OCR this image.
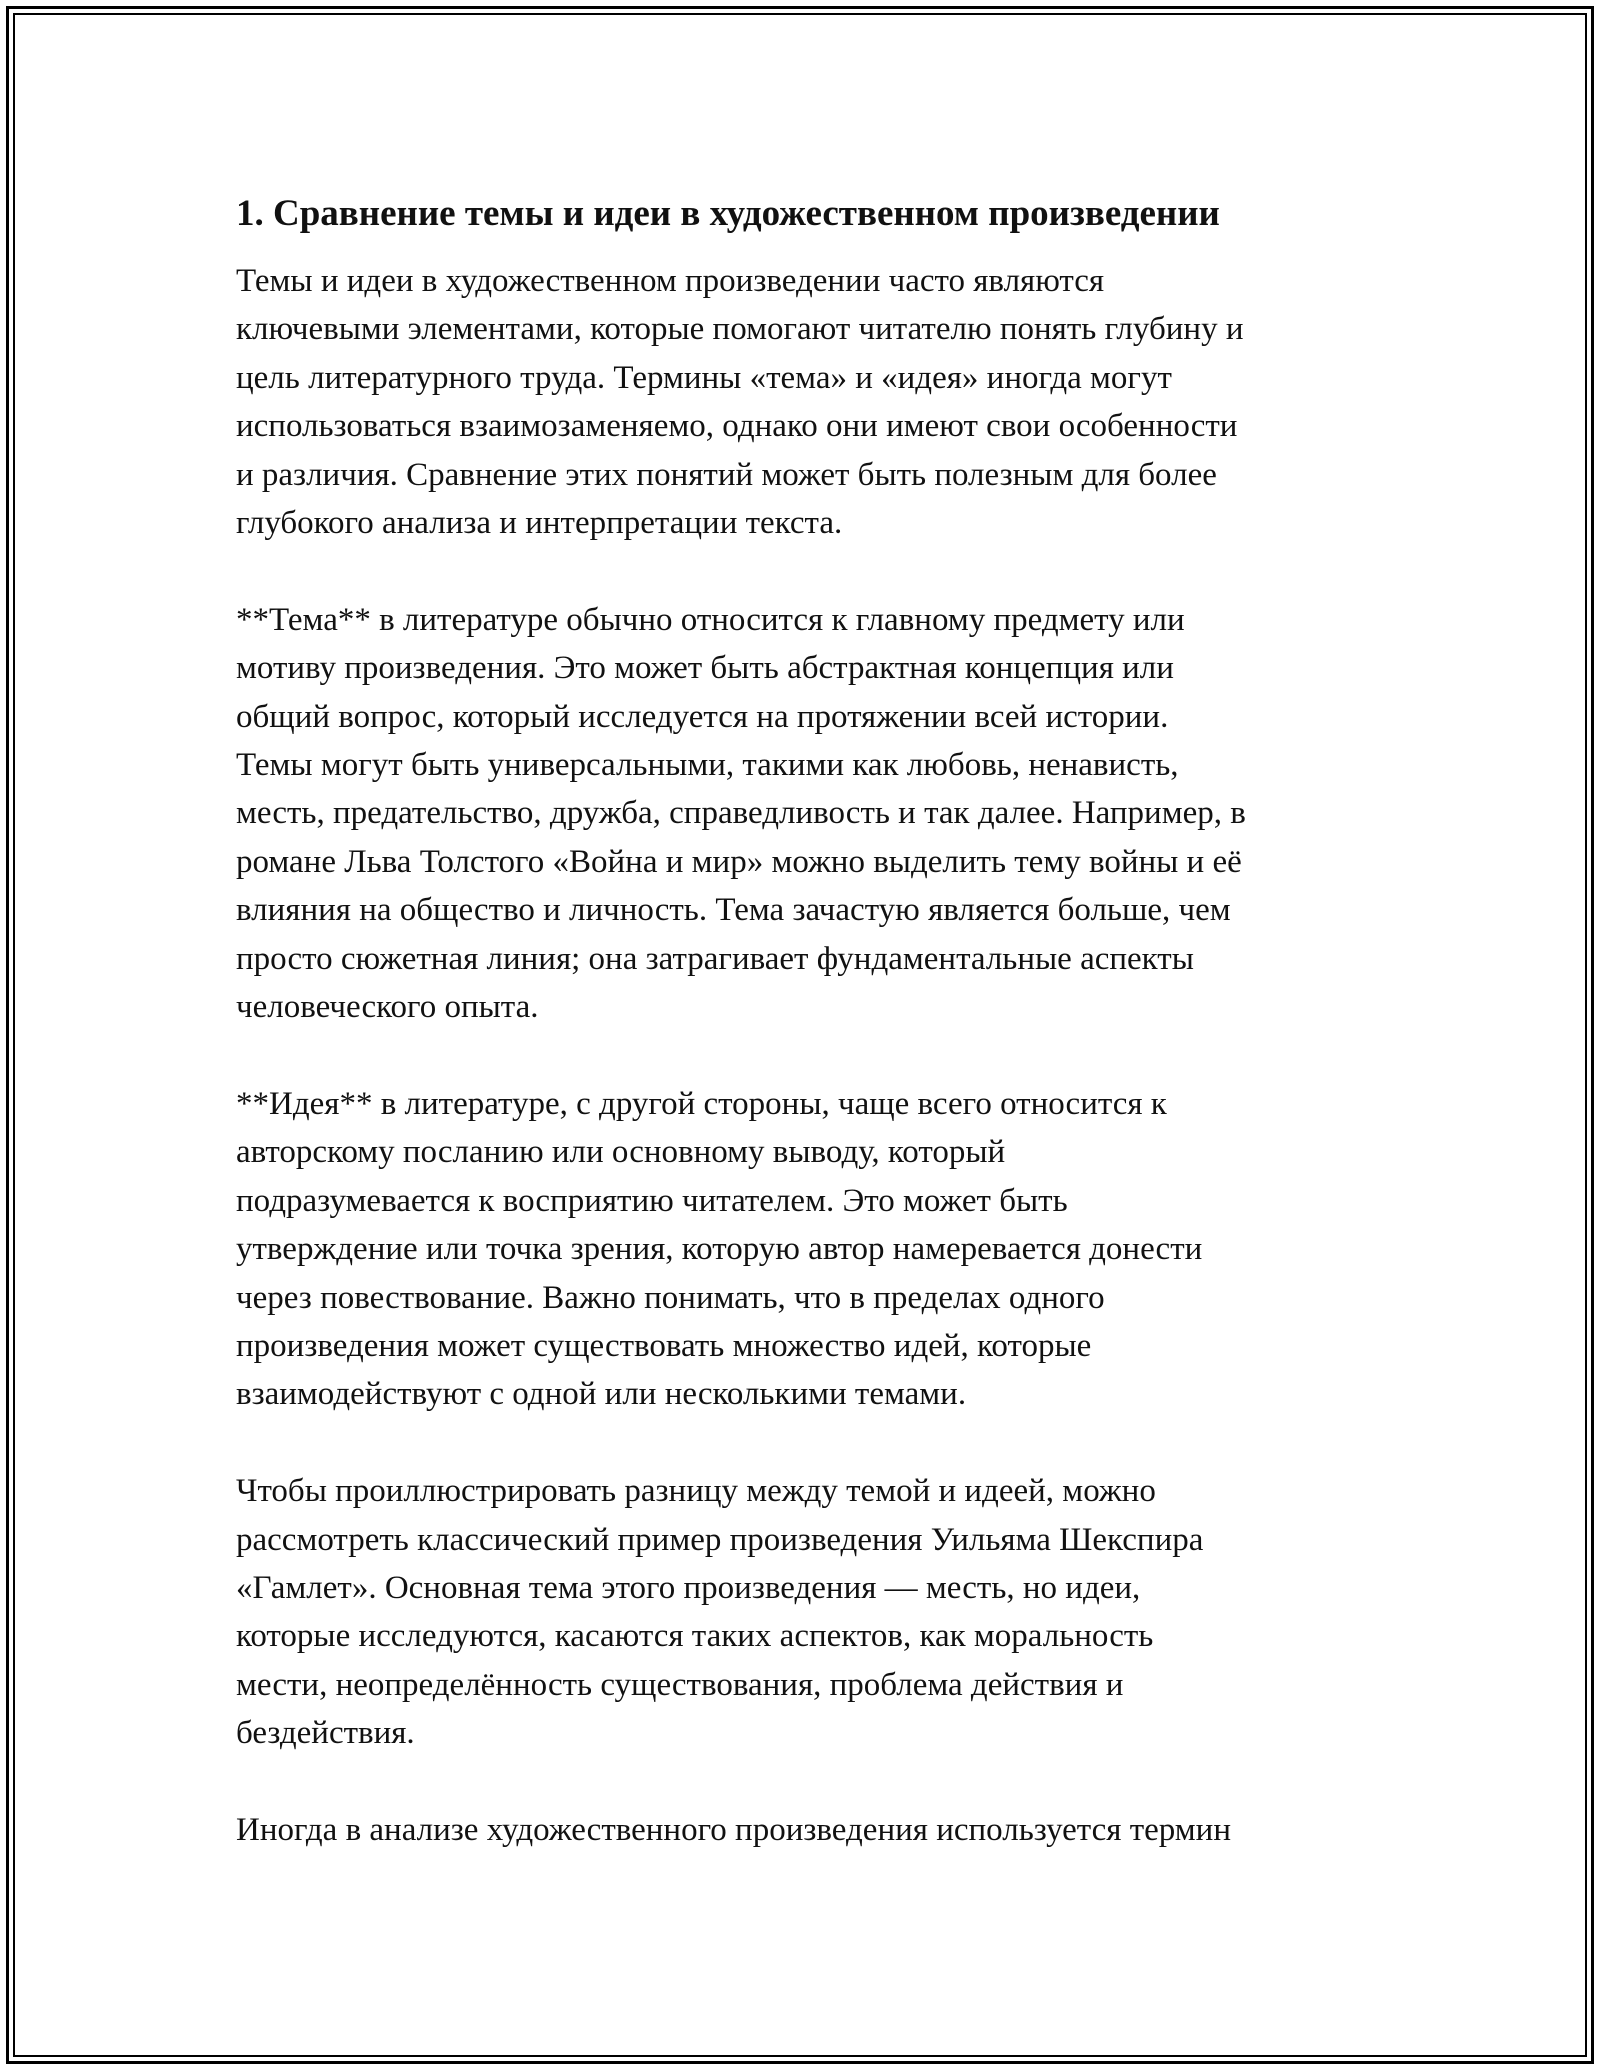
1. Сравнение темы и идеи в художественном произведении

Темы и идеи в художественном произведении часто являются
ключевыми элементами, которые помогают читателю понять глубину и
цель литературного труда. Термины «тема» и «идея» иногда могут
использоваться взаимозаменяемо, однако они имеют свои особенности
и различия. Сравнение этих понятий может быть полезным для более
глубокого анализа и интерпретации текста.

**Тема** в литературе обычно относится к главному предмету или
мотиву произведения. Это может быть абстрактная концепция или
общий вопрос, который исследуется на протяжении всей истории.
Темы могут быть универсальными, такими как любовь, ненависть,
месть, предательство, дружба, справедливость и так далее. Например, в
романе Льва Толстого «Война и мир» можно выделить тему войны и её
влияния на общество и личность. Тема зачастую является больше, чем
просто сюжетная линия; она затрагивает фундаментальные аспекты
человеческого опыта.

**Идея** в литературе, с другой стороны, чаще всего относится к
авторскому посланию или основному выводу, который
подразумевается к восприятию читателем. Это может быть
утверждение или точка зрения, которую автор намеревается донести
через повествование. Важно понимать, что в пределах одного
произведения может существовать множество идей, которые
взаимодействуют с одной или несколькими темами.

Чтобы проиллюстрировать разницу между темой и идеей, можно
рассмотреть классический пример произведения Уильяма Шекспира
«Гамлет». Основная тема этого произведения — месть, но идеи,
которые исследуются, касаются таких аспектов, как моральность
мести, неопределённость существования, проблема действия и
бездействия.

Иногда в анализе художественного произведения используется термин
